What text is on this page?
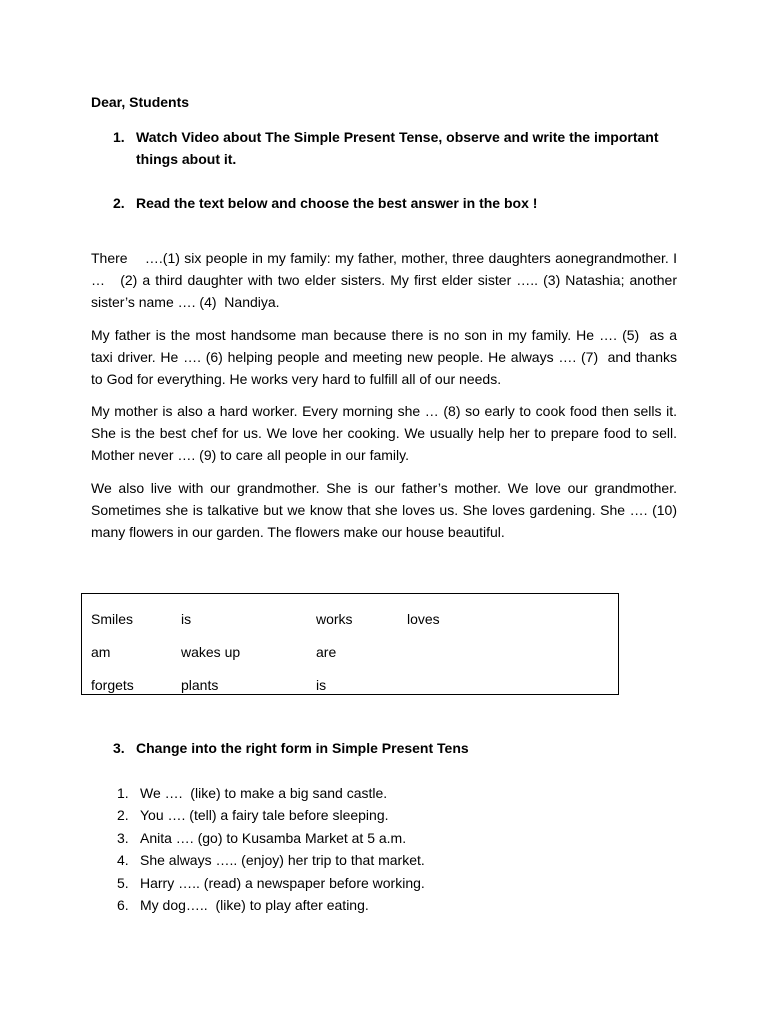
Dear, Students
1. Watch Video about The Simple Present Tense, observe and write the important things about it.
2. Read the text below and choose the best answer in the box !

There    ….(1) six people in my family: my father, mother, three daughters aonegrandmother. I …   (2) a third daughter with two elder sisters. My first elder sister ….. (3) Natashia; another sister’s name …. (4)  Nandiya.

My father is the most handsome man because there is no son in my family. He …. (5)  as a taxi driver. He …. (6) helping people and meeting new people. He always …. (7)  and thanks to God for everything. He works very hard to fulfill all of our needs.

My mother is also a hard worker. Every morning she … (8) so early to cook food then sells it. She is the best chef for us. We love her cooking. We usually help her to prepare food to sell. Mother never …. (9) to care all people in our family.

We also live with our grandmother. She is our father’s mother. We love our grandmother. Sometimes she is talkative but we know that she loves us. She loves gardening. She …. (10) many flowers in our garden. The flowers make our house beautiful.

Smiles	is	works	loves
am	wakes up	are
forgets	plants	is
3. Change into the right form in Simple Present Tens
1. We ….  (like) to make a big sand castle.
2. You …. (tell) a fairy tale before sleeping.
3. Anita …. (go) to Kusamba Market at 5 a.m.
4. She always ….. (enjoy) her trip to that market.
5. Harry ….. (read) a newspaper before working.
6. My dog…..  (like) to play after eating.
